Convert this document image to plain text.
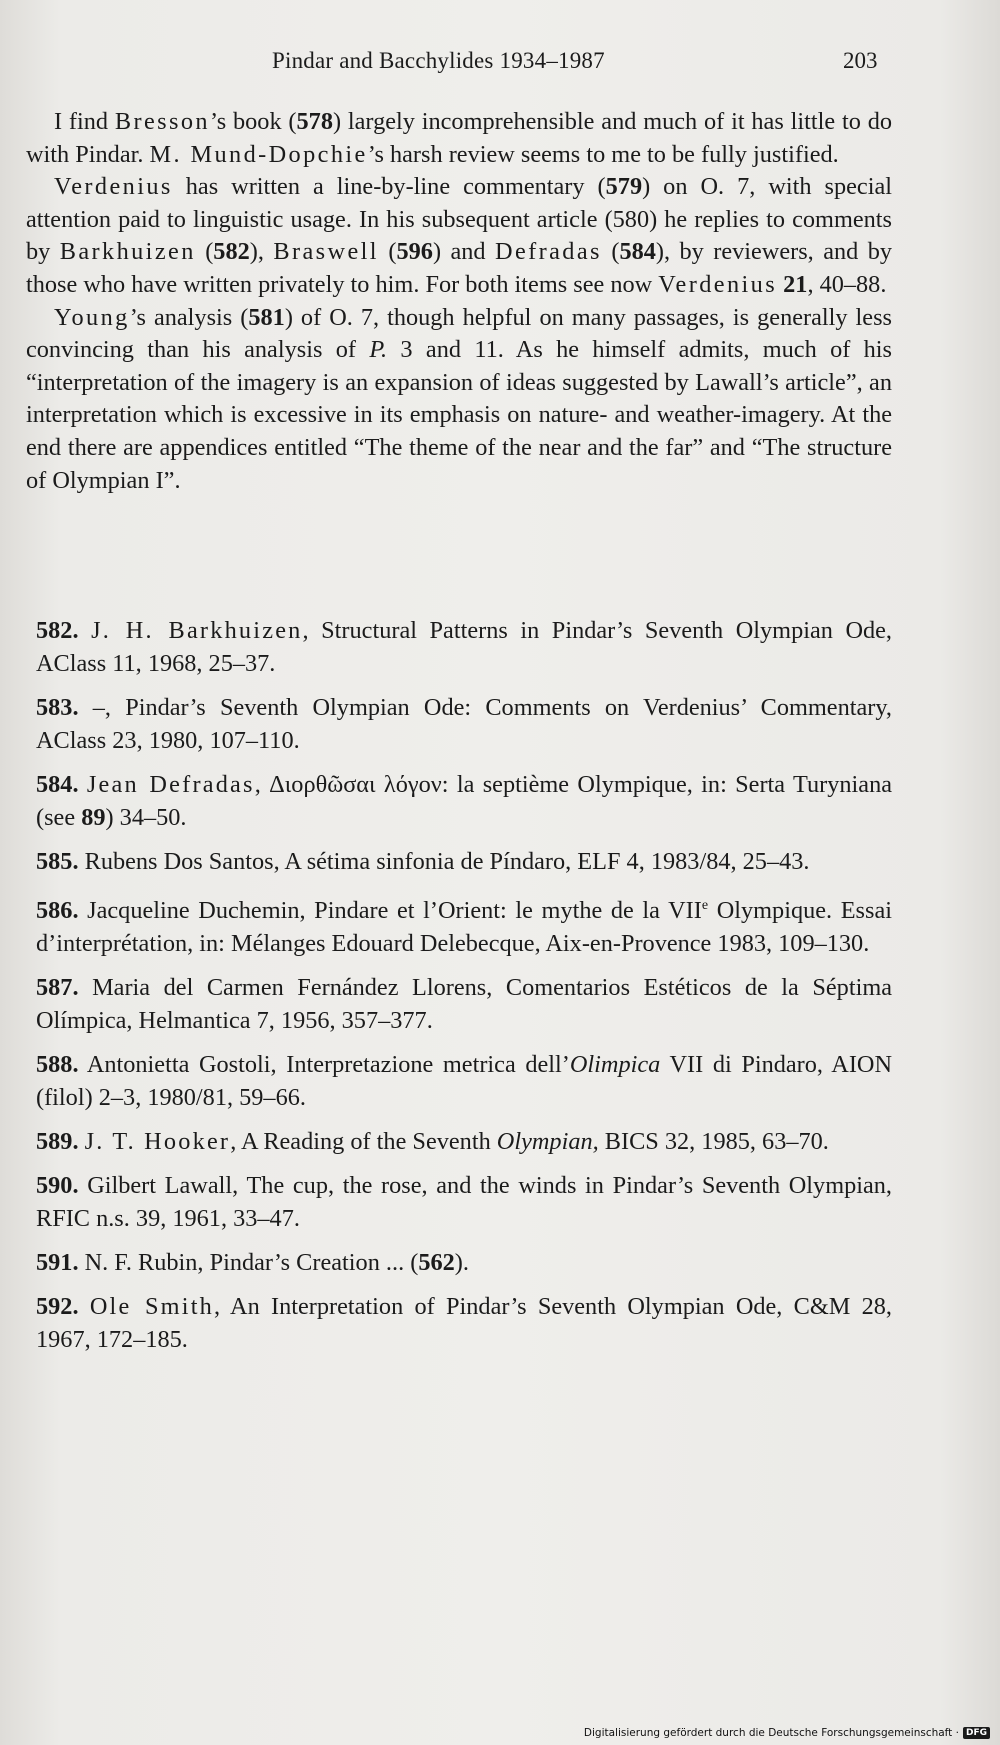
Pindar and Bacchylides 1934–1987	203

I find Bresson’s book (578) largely incomprehensible and much of it has little to do with Pindar. M. Mund-Dopchie’s harsh review seems to me to be fully justified.

Verdenius has written a line-by-line commentary (579) on O. 7, with special attention paid to linguistic usage. In his subsequent article (580) he replies to comments by Barkhuizen (582), Braswell (596) and Defradas (584), by reviewers, and by those who have written privately to him. For both items see now Verdenius 21, 40–88.

Young’s analysis (581) of O. 7, though helpful on many passages, is generally less convincing than his analysis of P. 3 and 11. As he himself admits, much of his “interpretation of the imagery is an expansion of ideas suggested by Lawall’s article”, an interpretation which is excessive in its emphasis on nature- and weather-imagery. At the end there are appendices entitled “The theme of the near and the far” and “The structure of Olympian I”.

582. J. H. Barkhuizen, Structural Patterns in Pindar’s Seventh Olympian Ode, AClass 11, 1968, 25–37.

583. –, Pindar’s Seventh Olympian Ode: Comments on Verdenius’ Commentary, AClass 23, 1980, 107–110.

584. Jean Defradas, Διορθῶσαι λόγον: la septième Olympique, in: Serta Turyniana (see 89) 34–50.

585. Rubens Dos Santos, A sétima sinfonia de Píndaro, ELF 4, 1983/84, 25–43.

586. Jacqueline Duchemin, Pindare et l’Orient: le mythe de la VIIe Olympique. Essai d’interprétation, in: Mélanges Edouard Delebecque, Aix-en-Provence 1983, 109–130.

587. Maria del Carmen Fernández Llorens, Comentarios Estéticos de la Séptima Olímpica, Helmantica 7, 1956, 357–377.

588. Antonietta Gostoli, Interpretazione metrica dell’Olimpica VII di Pindaro, AION (filol) 2–3, 1980/81, 59–66.

589. J. T. Hooker, A Reading of the Seventh Olympian, BICS 32, 1985, 63–70.

590. Gilbert Lawall, The cup, the rose, and the winds in Pindar’s Seventh Olympian, RFIC n.s. 39, 1961, 33–47.

591. N. F. Rubin, Pindar’s Creation ... (562).

592. Ole Smith, An Interpretation of Pindar’s Seventh Olympian Ode, C&M 28, 1967, 172–185.

Digitalisierung gefördert durch die Deutsche Forschungsgemeinschaft · DFG
